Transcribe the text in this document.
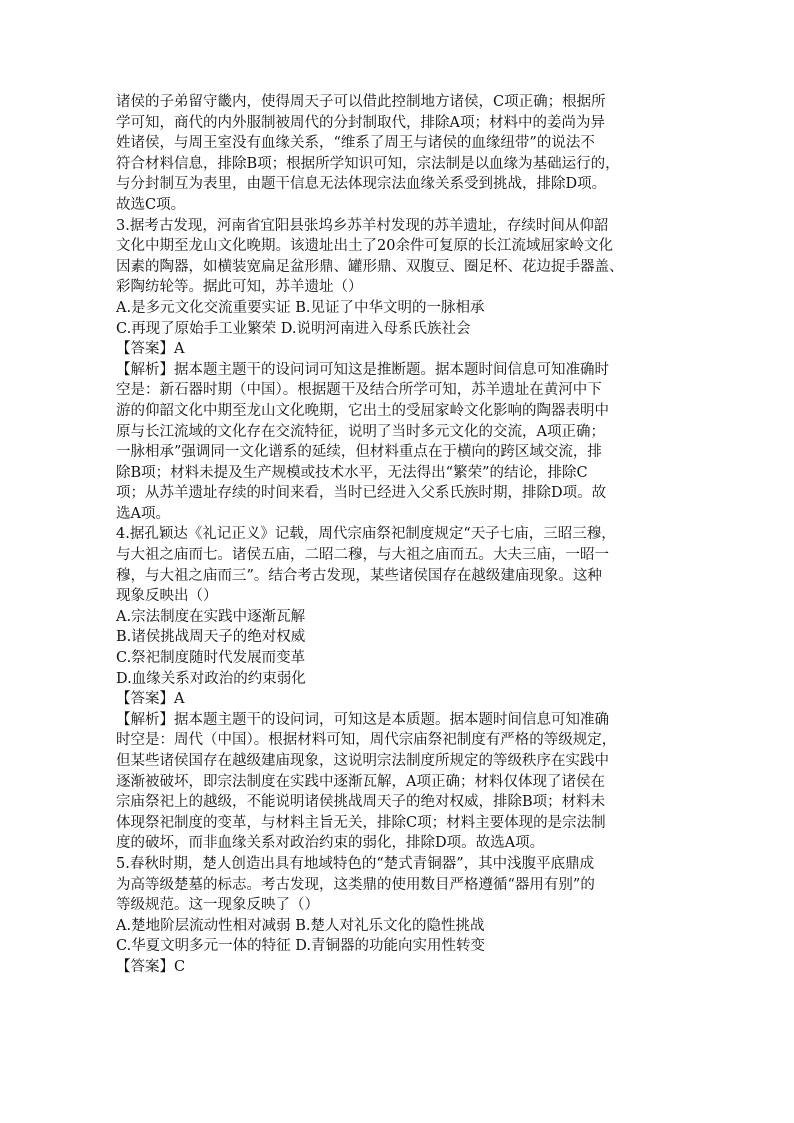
诸侯的子弟留守畿内，使得周天子可以借此控制地方诸侯，C项正确；根据所
学可知，商代的内外服制被周代的分封制取代，排除A项；材料中的姜尚为异
姓诸侯，与周王室没有血缘关系，“维系了周王与诸侯的血缘纽带”的说法不
符合材料信息，排除B项；根据所学知识可知，宗法制是以血缘为基础运行的，
与分封制互为表里，由题干信息无法体现宗法血缘关系受到挑战，排除D项。
故选C项。
3.据考古发现，河南省宜阳县张坞乡苏羊村发现的苏羊遗址，存续时间从仰韶
文化中期至龙山文化晚期。该遗址出土了20余件可复原的长江流域屈家岭文化
因素的陶器，如横装宽扁足盆形鼎、罐形鼎、双腹豆、圈足杯、花边捉手器盖、
彩陶纺轮等。据此可知，苏羊遗址（）
A.是多元文化交流重要实证 B.见证了中华文明的一脉相承
C.再现了原始手工业繁荣 D.说明河南进入母系氏族社会
【答案】A
【解析】据本题主题干的设问词可知这是推断题。据本题时间信息可知准确时
空是：新石器时期（中国）。根据题干及结合所学可知，苏羊遗址在黄河中下
游的仰韶文化中期至龙山文化晚期，它出土的受屈家岭文化影响的陶器表明中
原与长江流域的文化存在交流特征，说明了当时多元文化的交流，A项正确；
一脉相承”强调同一文化谱系的延续，但材料重点在于横向的跨区域交流，排
除B项；材料未提及生产规模或技术水平，无法得出“繁荣”的结论，排除C
项；从苏羊遗址存续的时间来看，当时已经进入父系氏族时期，排除D项。故
选A项。
4.据孔颖达《礼记正义》记载，周代宗庙祭祀制度规定“天子七庙，三昭三穆，
与大祖之庙而七。诸侯五庙，二昭二穆，与大祖之庙而五。大夫三庙，一昭一
穆，与大祖之庙而三”。结合考古发现，某些诸侯国存在越级建庙现象。这种
现象反映出（）
A.宗法制度在实践中逐渐瓦解
B.诸侯挑战周天子的绝对权威
C.祭祀制度随时代发展而变革
D.血缘关系对政治的约束弱化
【答案】A
【解析】据本题主题干的设问词，可知这是本质题。据本题时间信息可知准确
时空是：周代（中国）。根据材料可知，周代宗庙祭祀制度有严格的等级规定，
但某些诸侯国存在越级建庙现象，这说明宗法制度所规定的等级秩序在实践中
逐渐被破坏，即宗法制度在实践中逐渐瓦解，A项正确；材料仅体现了诸侯在
宗庙祭祀上的越级，不能说明诸侯挑战周天子的绝对权威，排除B项；材料未
体现祭祀制度的变革，与材料主旨无关，排除C项；材料主要体现的是宗法制
度的破坏，而非血缘关系对政治约束的弱化，排除D项。故选A项。
5.春秋时期，楚人创造出具有地域特色的“楚式青铜器”，其中浅腹平底鼎成
为高等级楚墓的标志。考古发现，这类鼎的使用数目严格遵循“器用有别”的
等级规范。这一现象反映了（）
A.楚地阶层流动性相对减弱 B.楚人对礼乐文化的隐性挑战
C.华夏文明多元一体的特征 D.青铜器的功能向实用性转变
【答案】C
